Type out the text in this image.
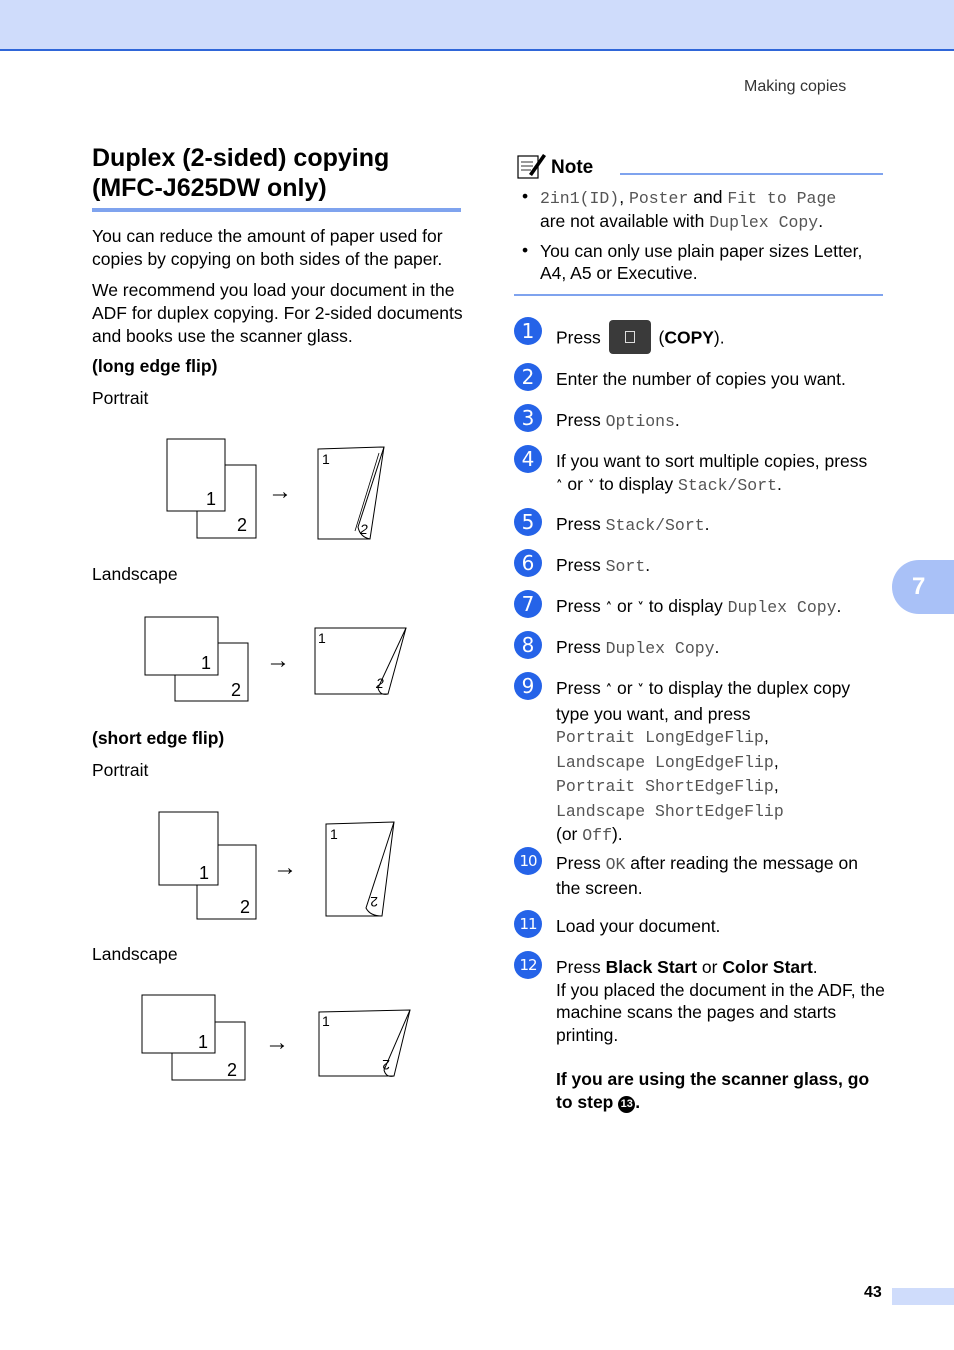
Making copies
7
43
Duplex (2-sided) copying
(MFC-J625DW only)

You can reduce the amount of paper used for copies by copying on both sides of the paper.

We recommend you load your document in the ADF for duplex copying. For 2-sided documents and books use the scanner glass.

(long edge flip)

Portrait

Landscape

(short edge flip)

Portrait

Landscape

1
2
→
1
2
1
2
→
1
2
1
2
→
1
2
1
2
→
1
2
Note
• 2in1(ID), Poster and Fit to Page
are not available with Duplex Copy.
• You can only use plain paper sizes Letter, A4, A5 or Executive.
1	Press	(COPY).
2	Enter the number of copies you want.
3	Press Options.
4	If you want to sort multiple copies, press
˄ or ˅ to display Stack/Sort.
5	Press Stack/Sort.
6	Press Sort.
7	Press ˄ or ˅ to display Duplex Copy.
8	Press Duplex Copy.
9	Press ˄ or ˅ to display the duplex copy type you want, and press
Portrait LongEdgeFlip,
Landscape LongEdgeFlip,
Portrait ShortEdgeFlip,
Landscape ShortEdgeFlip
(or Off).
10	Press OK after reading the message on the screen.
11	Load your document.
12	Press Black Start or Color Start.
If you placed the document in the ADF, the machine scans the pages and starts printing.
If you are using the scanner glass, go to step 13 .
